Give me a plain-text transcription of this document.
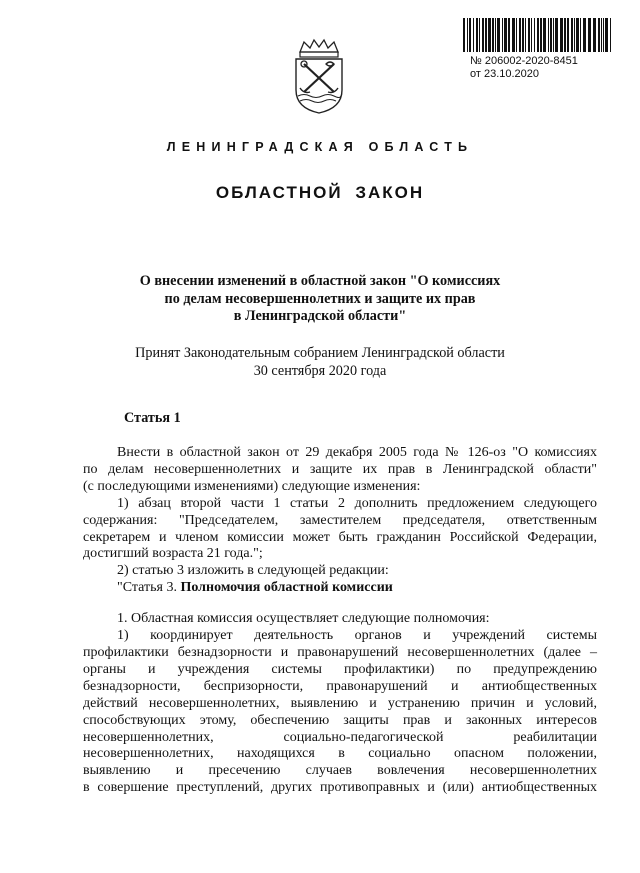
№ 206002-2020-8451
от 23.10.2020
ЛЕНИНГРАДСКАЯ ОБЛАСТЬ
ОБЛАСТНОЙ ЗАКОН
О внесении изменений в областной закон "О комиссиях
по делам несовершеннолетних и защите их прав
в Ленинградской области"
Принят Законодательным собранием Ленинградской области
30 сентября 2020 года
Статья 1

Внести в областной закон от 29 декабря 2005 года № 126-оз "О комиссиях

по делам несовершеннолетних и защите их прав в Ленинградской области"

(с последующими изменениями) следующие изменения:

1) абзац второй части 1 статьи 2 дополнить предложением следующего

содержания: "Председателем, заместителем председателя, ответственным

секретарем и членом комиссии может быть гражданин Российской Федерации,

достигший возраста 21 года.";

2) статью 3 изложить в следующей редакции:

"Статья 3. Полномочия областной комиссии

1. Областная комиссия осуществляет следующие полномочия:

1) координирует деятельность органов и учреждений системы

профилактики безнадзорности и правонарушений несовершеннолетних (далее –

органы и учреждения системы профилактики) по предупреждению

безнадзорности, беспризорности, правонарушений и антиобщественных

действий несовершеннолетних, выявлению и устранению причин и условий,

способствующих этому, обеспечению защиты прав и законных интересов

несовершеннолетних, социально-педагогической реабилитации

несовершеннолетних, находящихся в социально опасном положении,

выявлению и пресечению случаев вовлечения несовершеннолетних

в совершение преступлений, других противоправных и (или) антиобщественных
